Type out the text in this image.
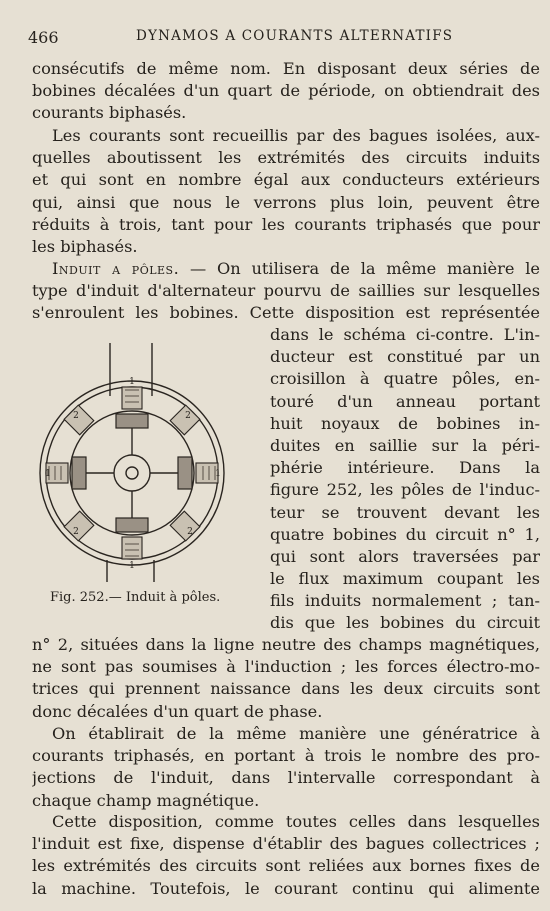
466	DYNAMOS A COURANTS ALTERNATIFS
consécutifs de même nom. En disposant deux séries de
bobines décalées d'un quart de période, on obtiendrait des
courants biphasés.
Les courants sont recueillis par des bagues isolées, aux-
quelles aboutissent les extrémités des circuits induits
et qui sont en nombre égal aux conducteurs extérieurs
qui, ainsi que nous le verrons plus loin, peuvent être
réduits à trois, tant pour les courants triphasés que pour
les biphasés.
Induit a pôles. — On utilisera de la même manière le
type d'induit d'alternateur pourvu de saillies sur lesquelles
s'enroulent les bobines. Cette disposition est représentée
1
2
1
2
1
2
1
2
Fig. 252.— Induit à pôles.
dans le schéma ci-contre. L'in-
ducteur est constitué par un
croisillon à quatre pôles, en-
touré d'un anneau portant
huit noyaux de bobines in-
duites en saillie sur la péri-
phérie intérieure. Dans la
figure 252, les pôles de l'induc-
teur se trouvent devant les
quatre bobines du circuit n° 1,
qui sont alors traversées par
le flux maximum coupant les
fils induits normalement ; tan-
dis que les bobines du circuit
n° 2, situées dans la ligne neutre des champs magnétiques,
ne sont pas soumises à l'induction ; les forces électro-mo-
trices qui prennent naissance dans les deux circuits sont
donc décalées d'un quart de phase.
On établirait de la même manière une génératrice à
courants triphasés, en portant à trois le nombre des pro-
jections de l'induit, dans l'intervalle correspondant à
chaque champ magnétique.
Cette disposition, comme toutes celles dans lesquelles
l'induit est fixe, dispense d'établir des bagues collectrices ;
les extrémités des circuits sont reliées aux bornes fixes de
la machine. Toutefois, le courant continu qui alimente
